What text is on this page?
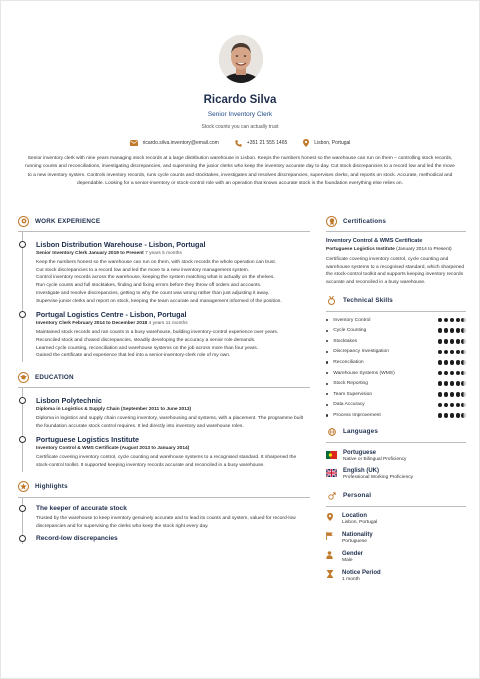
Ricardo Silva
Senior Inventory Clerk
Stock counts you can actually trust
ricardo.silva.inventory@email.com	+351 21 555 1465	Lisbon, Portugal
Senior inventory clerk with nine years managing stock records at a large distribution warehouse in Lisbon. Keeps the numbers honest so the warehouse can run on them – controlling stock records, running counts and reconciliations, investigating discrepancies, and supervising the junior clerks who keep the inventory accurate day to day. Cut stock discrepancies to a record low and led the move to a new inventory system. Controls inventory records, runs cycle counts and stocktakes, investigates and resolves discrepancies, supervises clerks, and reports on stock. Accurate, methodical and dependable. Looking for a senior-inventory or stock-control role with an operation that knows accurate stock is the foundation everything else relies on.
WORK EXPERIENCE
Lisbon Distribution Warehouse - Lisbon, Portugal
Senior Inventory Clerk January 2019 to Present 7 years 5 months
Keep the numbers honest so the warehouse can run on them, with stock records the whole operation can trust.
Cut stock discrepancies to a record low and led the move to a new inventory management system.
Control inventory records across the warehouse, keeping the system matching what is actually on the shelves.
Run cycle counts and full stocktakes, finding and fixing errors before they throw off orders and accounts.
Investigate and resolve discrepancies, getting to why the count was wrong rather than just adjusting it away.
Supervise junior clerks and report on stock, keeping the team accurate and management informed of the position.
Portugal Logistics Centre - Lisbon, Portugal
Inventory Clerk February 2014 to December 2018 4 years 11 months
Maintained stock records and ran counts in a busy warehouse, building inventory-control experience over years.
Reconciled stock and chased discrepancies, steadily developing the accuracy a senior role demands.
Learned cycle counting, reconciliation and warehouse systems on the job across more than four years.
Gained the certificate and experience that led into a senior-inventory-clerk role of my own.
EDUCATION
Lisbon Polytechnic
Diploma in Logistics & Supply Chain (September 2011 to June 2013)
Diploma in logistics and supply chain covering inventory, warehousing and systems, with a placement. The programme built the foundation accurate stock control requires. It led directly into inventory and warehouse roles.
Portuguese Logistics Institute
Inventory Control & WMS Certificate (August 2013 to January 2014)
Certificate covering inventory control, cycle counting and warehouse systems to a recognised standard. It sharpened the stock-control toolkit. It supported keeping inventory records accurate and reconciled in a busy warehouse.
Highlights
The keeper of accurate stock
Trusted by the warehouse to keep inventory genuinely accurate and to lead its counts and system, valued for record-low discrepancies and for supervising the clerks who keep the stock right every day.
Record-low discrepancies
Certifications
Inventory Control & WMS Certificate
Portuguese Logistics Institute (January 2014 to Present)
Certificate covering inventory control, cycle counting and warehouse systems to a recognised standard, which sharpened the stock-control toolkit and supports keeping inventory records accurate and reconciled in a busy warehouse.
Technical Skills
Inventory Control
Cycle Counting
Stocktakes
Discrepancy Investigation
Reconciliation
Warehouse Systems (WMS)
Stock Reporting
Team Supervision
Data Accuracy
Process Improvement
Languages
Portuguese
Native or Bilingual Proficiency
English (UK)
Professional Working Proficiency
Personal
Location
Lisbon, Portugal
Nationality
Portuguese
Gender
Male
Notice Period
1 month
